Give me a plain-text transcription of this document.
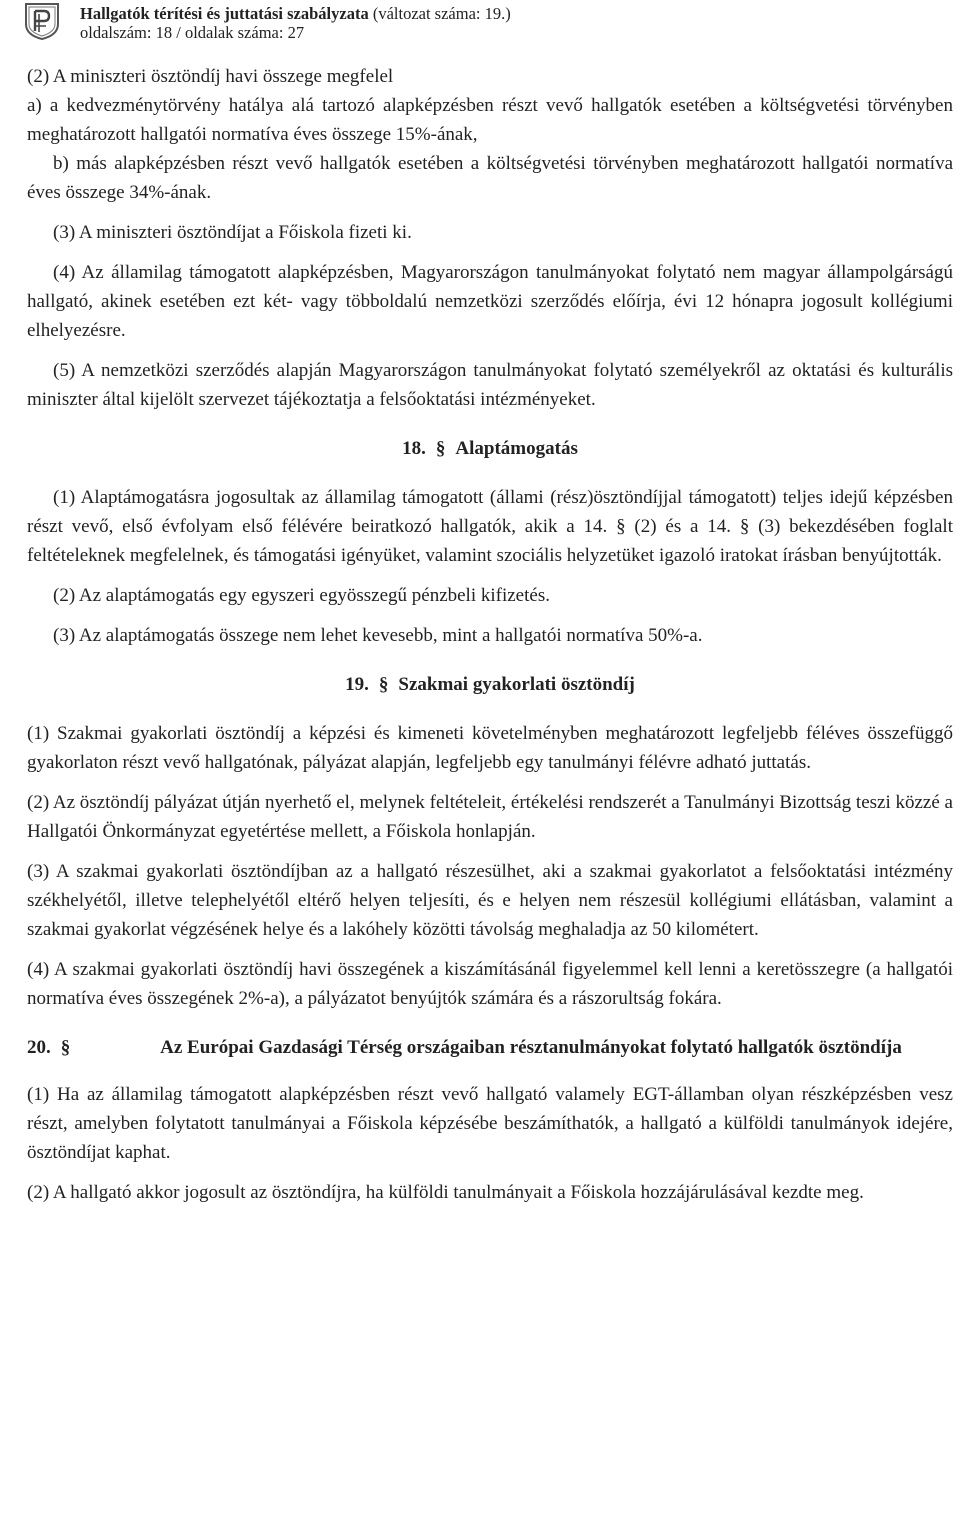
Hallgatók térítési és juttatási szabályzata (változat száma: 19.)
oldalszám: 18 / oldalak száma: 27

(2) A miniszteri ösztöndíj havi összege megfelel

a) a kedvezménytörvény hatálya alá tartozó alapképzésben részt vevő hallgatók esetében a költségvetési törvényben meghatározott hallgatói normatíva éves összege 15%-ának,

b) más alapképzésben részt vevő hallgatók esetében a költségvetési törvényben meghatározott hallgatói normatíva éves összege 34%-ának.

(3) A miniszteri ösztöndíjat a Főiskola fizeti ki.

(4) Az államilag támogatott alapképzésben, Magyarországon tanulmányokat folytató nem magyar állampolgárságú hallgató, akinek esetében ezt két- vagy többoldalú nemzetközi szerződés előírja, évi 12 hónapra jogosult kollégiumi elhelyezésre.

(5) A nemzetközi szerződés alapján Magyarországon tanulmányokat folytató személyekről az oktatási és kulturális miniszter által kijelölt szervezet tájékoztatja a felsőoktatási intézményeket.

18. § Alaptámogatás

(1) Alaptámogatásra jogosultak az államilag támogatott (állami (rész)ösztöndíjjal támogatott) teljes idejű képzésben részt vevő, első évfolyam első félévére beiratkozó hallgatók, akik a 14. § (2) és a 14. § (3) bekezdésében foglalt feltételeknek megfelelnek, és támogatási igényüket, valamint szociális helyzetüket igazoló iratokat írásban benyújtották.

(2) Az alaptámogatás egy egyszeri egyösszegű pénzbeli kifizetés.

(3) Az alaptámogatás összege nem lehet kevesebb, mint a hallgatói normatíva 50%-a.

19. § Szakmai gyakorlati ösztöndíj

(1) Szakmai gyakorlati ösztöndíj a képzési és kimeneti követelményben meghatározott legfeljebb féléves összefüggő gyakorlaton részt vevő hallgatónak, pályázat alapján, legfeljebb egy tanulmányi félévre adható juttatás.

(2) Az ösztöndíj pályázat útján nyerhető el, melynek feltételeit, értékelési rendszerét a Tanulmányi Bizottság teszi közzé a Hallgatói Önkormányzat egyetértése mellett, a Főiskola honlapján.

(3) A szakmai gyakorlati ösztöndíjban az a hallgató részesülhet, aki a szakmai gyakorlatot a felsőoktatási intézmény székhelyétől, illetve telephelyétől eltérő helyen teljesíti, és e helyen nem részesül kollégiumi ellátásban, valamint a szakmai gyakorlat végzésének helye és a lakóhely közötti távolság meghaladja az 50 kilométert.

(4) A szakmai gyakorlati ösztöndíj havi összegének a kiszámításánál figyelemmel kell lenni a keretösszegre (a hallgatói normatíva éves összegének 2%-a), a pályázatot benyújtók számára és a rászorultság fokára.

20. §	Az Európai Gazdasági Térség országaiban résztanulmányokat folytató hallgatók ösztöndíja

(1) Ha az államilag támogatott alapképzésben részt vevő hallgató valamely EGT-államban olyan részképzésben vesz részt, amelyben folytatott tanulmányai a Főiskola képzésébe beszámíthatók, a hallgató a külföldi tanulmányok idejére, ösztöndíjat kaphat.

(2) A hallgató akkor jogosult az ösztöndíjra, ha külföldi tanulmányait a Főiskola hozzájárulásával kezdte meg.
